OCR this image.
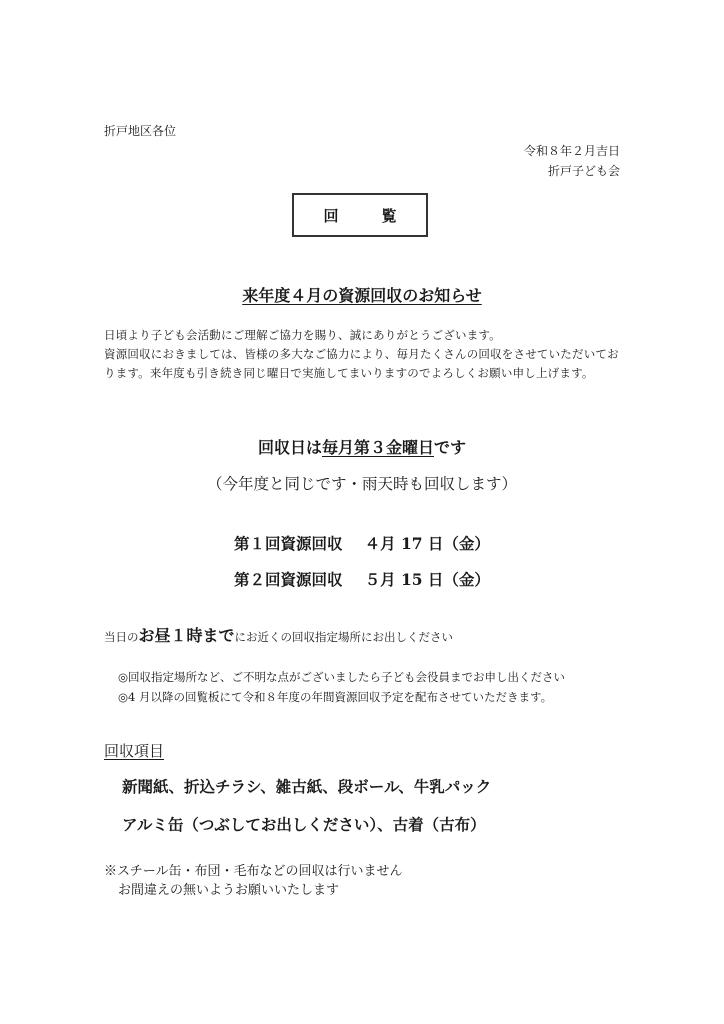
折戸地区各位
令和８年２月吉日
折戸子ども会
回　覧
来年度４月の資源回収のお知らせ

日頃より子ども会活動にご理解ご協力を賜り、誠にありがとうございます。

資源回収におきましては、皆様の多大なご協力により、毎月たくさんの回収をさせていただいております。来年度も引き続き同じ曜日で実施してまいりますのでよろしくお願い申し上げます。

回収日は毎月第３金曜日です
（今年度と同じです・雨天時も回収します）
第１回資源回収 ４月 17 日（金）
第２回資源回収 ５月 15 日（金）
当日のお昼１時までにお近くの回収指定場所にお出しください

◎回収指定場所など、ご不明な点がございましたら子ども会役員までお申し出ください

◎4 月以降の回覧板にて令和８年度の年間資源回収予定を配布させていただきます。

回収項目
新聞紙、折込チラシ、雑古紙、段ボール、牛乳パック
アルミ缶（つぶしてお出しください）、古着（古布）

※スチール缶・布団・毛布などの回収は行いません

お間違えの無いようお願いいたします
